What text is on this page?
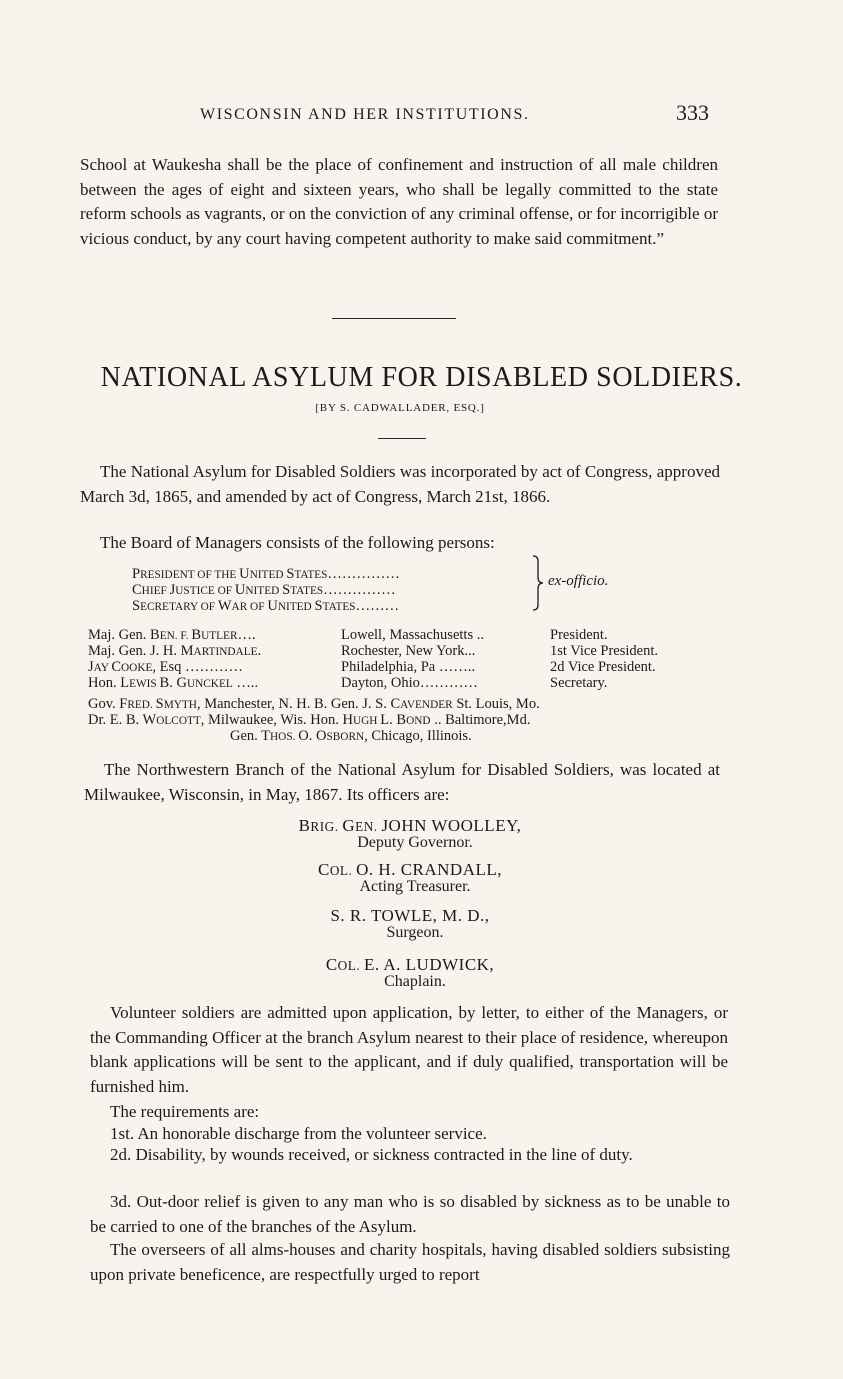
WISCONSIN AND HER INSTITUTIONS.	333

School at Waukesha shall be the place of confinement and instruction of all male children between the ages of eight and sixteen years, who shall be legally committed to the state reform schools as vagrants, or on the conviction of any criminal offense, or for incorrigible or vicious conduct, by any court having competent authority to make said commitment.”

NATIONAL ASYLUM FOR DISABLED SOLDIERS.
[BY S. CADWALLADER, ESQ.]

The National Asylum for Disabled Soldiers was incorporated by act of Congress, approved March 3d, 1865, and amended by act of Congress, March 21st, 1866.

The Board of Managers consists of the following persons:

PRESIDENT OF THE UNITED STATES……………
CHIEF JUSTICE OF UNITED STATES……………
SECRETARY OF WAR OF UNITED STATES………
ex-officio.
Maj. Gen. BEN. F. BUTLER….	Lowell, Massachusetts ..	President.
Maj. Gen. J. H. MARTINDALE.	Rochester, New York...	1st Vice President.
JAY COOKE, Esq …………	Philadelphia, Pa ……..	2d Vice President.
Hon. LEWIS B. GUNCKEL …..	Dayton, Ohio…………	Secretary.
Gov. FRED. SMYTH, Manchester, N. H. B. Gen. J. S. CAVENDER St. Louis, Mo.
Dr. E. B. WOLCOTT, Milwaukee, Wis. Hon. HUGH L. BOND .. Baltimore,Md.
Gen. THOS. O. OSBORN, Chicago, Illinois.

The Northwestern Branch of the National Asylum for Disabled Soldiers, was located at Milwaukee, Wisconsin, in May, 1867. Its officers are:

BRIG. GEN. JOHN WOOLLEY,
Deputy Governor.
COL. O. H. CRANDALL,
Acting Treasurer.
S. R. TOWLE, M. D.,
Surgeon.
COL. E. A. LUDWICK,
Chaplain.

Volunteer soldiers are admitted upon application, by letter, to either of the Managers, or the Commanding Officer at the branch Asylum nearest to their place of residence, whereupon blank applications will be sent to the applicant, and if duly qualified, transportation will be furnished him.

The requirements are:

1st. An honorable discharge from the volunteer service.

2d. Disability, by wounds received, or sickness contracted in the line of duty.

3d. Out-door relief is given to any man who is so disabled by sickness as to be unable to be carried to one of the branches of the Asylum.

The overseers of all alms-houses and charity hospitals, having disabled soldiers subsisting upon private beneficence, are respectfully urged to report
